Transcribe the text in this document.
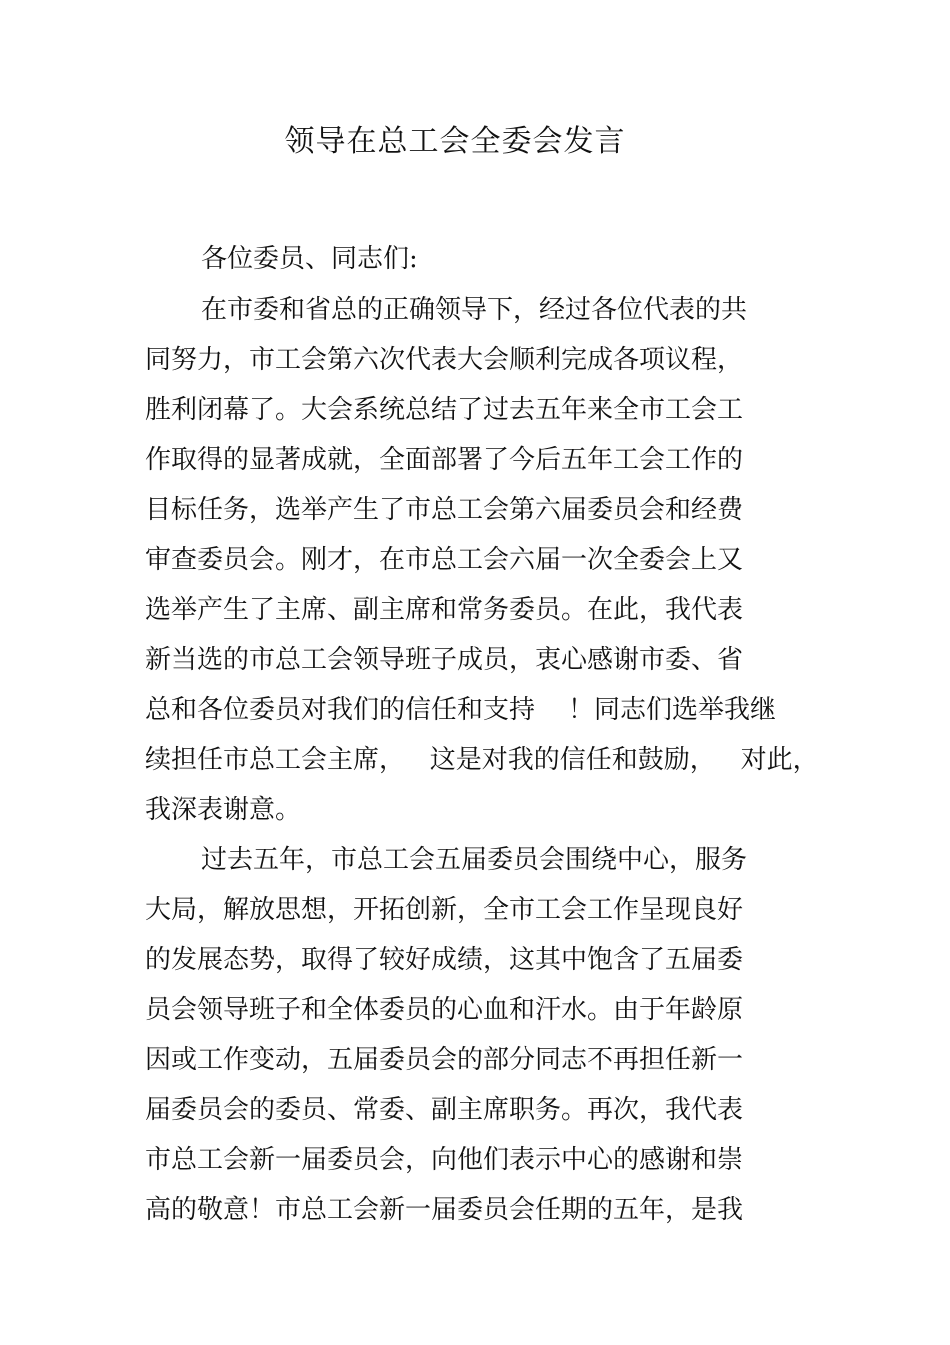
领导在总工会全委会发言
各位委员、同志们:
在市委和省总的正确领导下，经过各位代表的共
同努力，市工会第六次代表大会顺利完成各项议程，
胜利闭幕了。大会系统总结了过去五年来全市工会工
作取得的显著成就，全面部署了今后五年工会工作的
目标任务，选举产生了市总工会第六届委员会和经费
审查委员会。刚才，在市总工会六届一次全委会上又
选举产生了主席、副主席和常务委员。在此，我代表
新当选的市总工会领导班子成员，衷心感谢市委、省
总和各位委员对我们的信任和支持    ！同志们选举我继
续担任市总工会主席，   这是对我的信任和鼓励，   对此，
我深表谢意。
过去五年，市总工会五届委员会围绕中心，服务
大局，解放思想，开拓创新，全市工会工作呈现良好
的发展态势，取得了较好成绩，这其中饱含了五届委
员会领导班子和全体委员的心血和汗水。由于年龄原
因或工作变动，五届委员会的部分同志不再担任新一
届委员会的委员、常委、副主席职务。再次，我代表
市总工会新一届委员会，向他们表示中心的感谢和崇
高的敬意！市总工会新一届委员会任期的五年，是我
